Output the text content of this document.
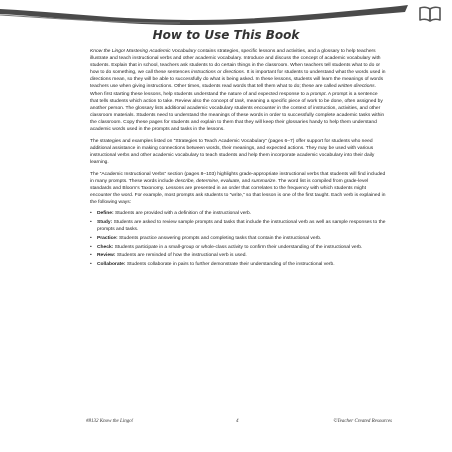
How to Use This Book

Know the Lingo! Mastering Academic Vocabulary contains strategies, specific lessons and activities, and a glossary to help teachers illustrate and teach instructional verbs and other academic vocabulary. Introduce and discuss the concept of academic vocabulary with students. Explain that in school, teachers ask students to do certain things in the classroom. When teachers tell students what to do or how to do something, we call these sentences instructions or directions. It is important for students to understand what the words used in directions mean, so they will be able to successfully do what is being asked. In these lessons, students will learn the meanings of words teachers use when giving instructions. Other times, students read words that tell them what to do; these are called written directions. When first starting these lessons, help students understand the nature of and expected response to a prompt. A prompt is a sentence that tells students which action to take. Review also the concept of task, meaning a specific piece of work to be done, often assigned by another person. The glossary lists additional academic vocabulary students encounter in the context of instruction, activities, and other classroom materials. Students need to understand the meanings of these words in order to successfully complete academic tasks within the classroom. Copy these pages for students and explain to them that they will keep their glossaries handy to help them understand academic words used in the prompts and tasks in the lessons.

The strategies and examples listed on “Strategies to Teach Academic Vocabulary” (pages 6–7) offer support for students who need additional assistance in making connections between words, their meanings, and expected actions. They may be used with various instructional verbs and other academic vocabulary to teach students and help them incorporate academic vocabulary into their daily learning.

The “Academic Instructional Verbs” section (pages 8–103) highlights grade-appropriate instructional verbs that students will find included in many prompts. These words include describe, determine, evaluate, and summarize. The word list is compiled from grade-level standards and Bloom’s Taxonomy. Lessons are presented in an order that correlates to the frequency with which students might encounter the word. For example, most prompts ask students to “write,” so that lesson is one of the first taught. Each verb is explained in the following ways:

• Define: Students are provided with a definition of the instructional verb.
• Study: Students are asked to review sample prompts and tasks that include the instructional verb as well as sample responses to the prompts and tasks.
• Practice: Students practice answering prompts and completing tasks that contain the instructional verb.
• Check: Students participate in a small-group or whole-class activity to confirm their understanding of the instructional verb.
• Review: Students are reminded of how the instructional verb is used.
• Collaborate: Students collaborate in pairs to further demonstrate their understanding of the instructional verb.
#8132 Know the Lingo!	4	©Teacher Created Resources
